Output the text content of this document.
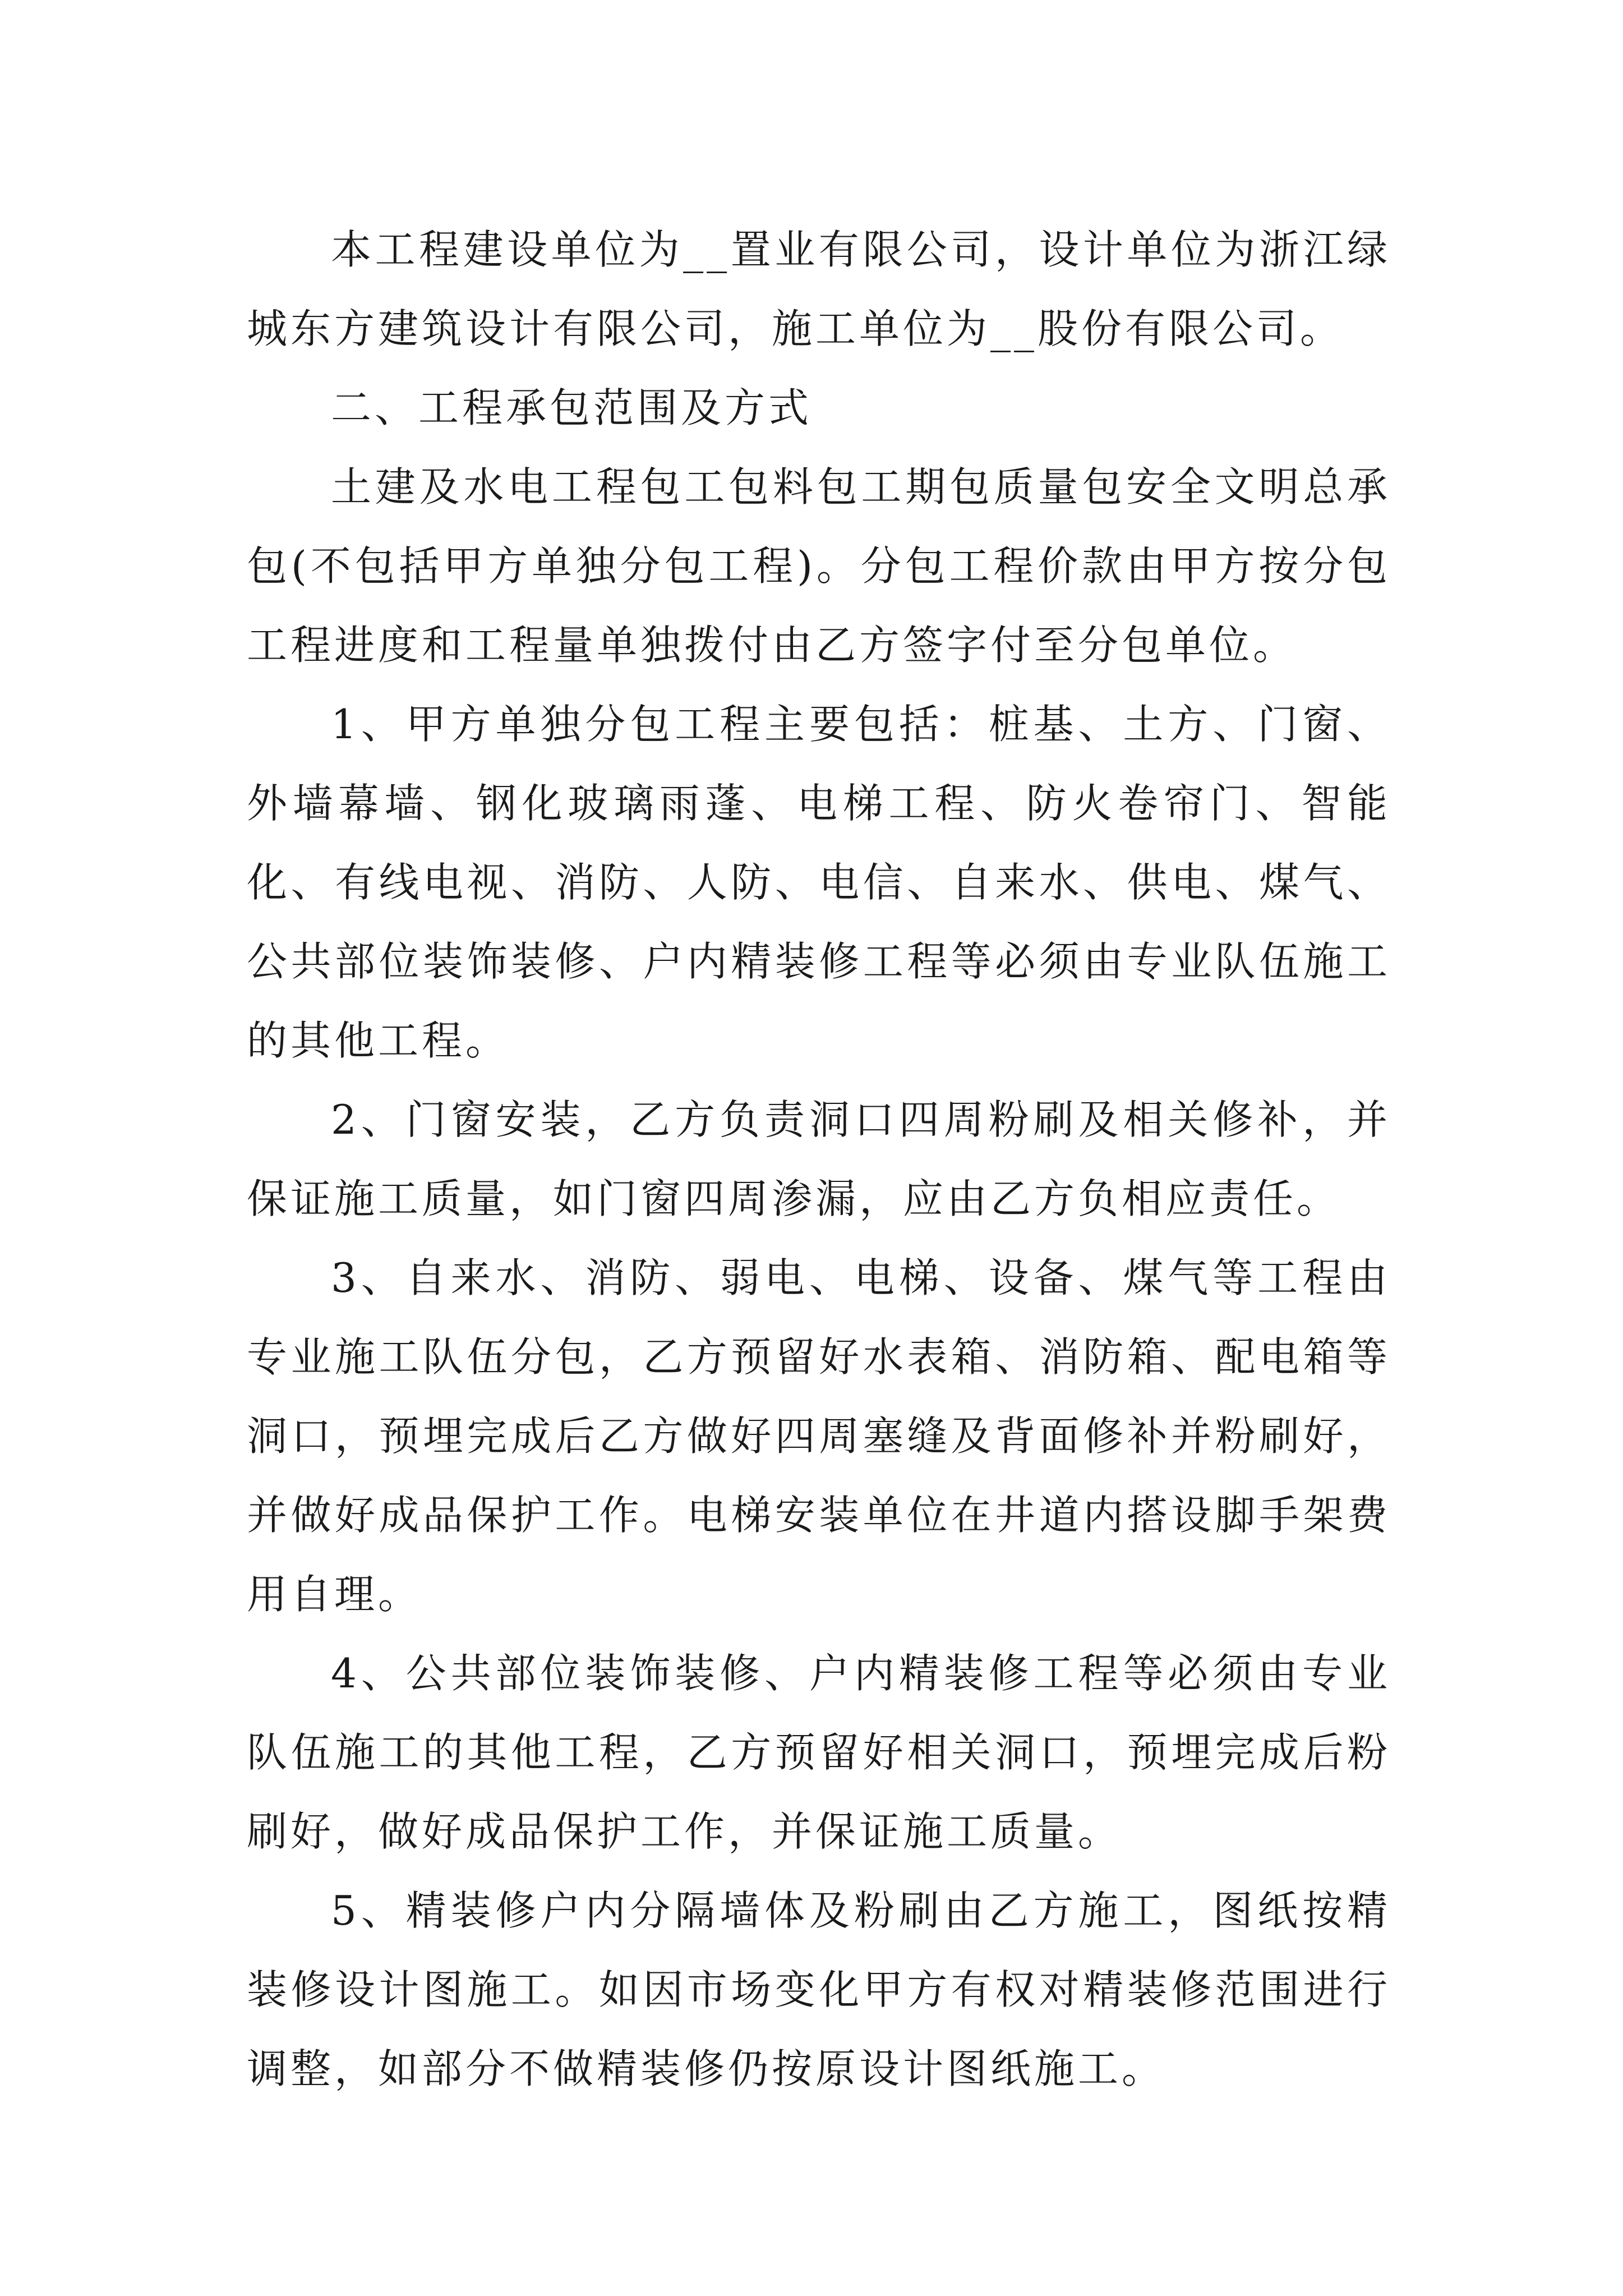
本工程建设单位为__置业有限公司，设计单位为浙江绿城东方建筑设计有限公司，施工单位为__股份有限公司。

二、工程承包范围及方式

土建及水电工程包工包料包工期包质量包安全文明总承包(不包括甲方单独分包工程)。分包工程价款由甲方按分包工程进度和工程量单独拨付由乙方签字付至分包单位。

1、甲方单独分包工程主要包括：桩基、土方、门窗、外墙幕墙、钢化玻璃雨蓬、电梯工程、防火卷帘门、智能化、有线电视、消防、人防、电信、自来水、供电、煤气、公共部位装饰装修、户内精装修工程等必须由专业队伍施工的其他工程。

2、门窗安装，乙方负责洞口四周粉刷及相关修补，并保证施工质量，如门窗四周渗漏，应由乙方负相应责任。

3、自来水、消防、弱电、电梯、设备、煤气等工程由专业施工队伍分包，乙方预留好水表箱、消防箱、配电箱等洞口，预埋完成后乙方做好四周塞缝及背面修补并粉刷好，并做好成品保护工作。电梯安装单位在井道内搭设脚手架费用自理。

4、公共部位装饰装修、户内精装修工程等必须由专业队伍施工的其他工程，乙方预留好相关洞口，预埋完成后粉刷好，做好成品保护工作，并保证施工质量。

5、精装修户内分隔墙体及粉刷由乙方施工，图纸按精装修设计图施工。如因市场变化甲方有权对精装修范围进行调整，如部分不做精装修仍按原设计图纸施工。
